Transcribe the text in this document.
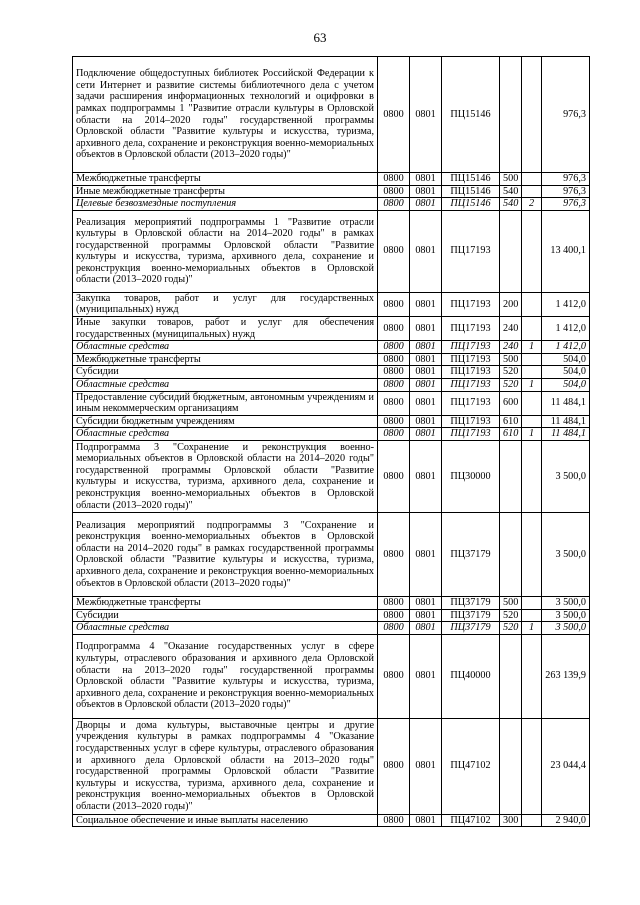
63
Подключение общедоступных библиотек Российской Федерации к сети Интернет и развитие системы библиотечного дела с учетом задачи расширения информационных технологий и оцифровки в рамках подпрограммы 1 "Развитие отрасли культуры в Орловской области на 2014–2020 годы" государственной программы Орловской области "Развитие культуры и искусства, туризма, архивного дела, сохранение и реконструкция военно-мемориальных объектов в Орловской области (2013–2020 годы)"	0800	0801	ПЦ15146			976,3
Межбюджетные трансферты	0800	0801	ПЦ15146	500		976,3
Иные межбюджетные трансферты	0800	0801	ПЦ15146	540		976,3
Целевые безвозмездные поступления	0800	0801	ПЦ15146	540	2	976,3
Реализация мероприятий подпрограммы 1 "Развитие отрасли культуры в Орловской области на 2014–2020 годы" в рамках государственной программы Орловской области "Развитие культуры и искусства, туризма, архивного дела, сохранение и реконструкция военно-мемориальных объектов в Орловской области (2013–2020 годы)"	0800	0801	ПЦ17193			13 400,1
Закупка товаров, работ и услуг для государственных (муниципальных) нужд	0800	0801	ПЦ17193	200		1 412,0
Иные закупки товаров, работ и услуг для обеспечения государственных (муниципальных) нужд	0800	0801	ПЦ17193	240		1 412,0
Областные средства	0800	0801	ПЦ17193	240	1	1 412,0
Межбюджетные трансферты	0800	0801	ПЦ17193	500		504,0
Субсидии	0800	0801	ПЦ17193	520		504,0
Областные средства	0800	0801	ПЦ17193	520	1	504,0
Предоставление субсидий бюджетным, автономным учреждениям и иным некоммерческим организациям	0800	0801	ПЦ17193	600		11 484,1
Субсидии бюджетным учреждениям	0800	0801	ПЦ17193	610		11 484,1
Областные средства	0800	0801	ПЦ17193	610	1	11 484,1
Подпрограмма 3 "Сохранение и реконструкция военно-мемориальных объектов в Орловской области на 2014–2020 годы" государственной программы Орловской области "Развитие культуры и искусства, туризма, архивного дела, сохранение и реконструкция военно-мемориальных объектов в Орловской области (2013–2020 годы)"	0800	0801	ПЦ30000			3 500,0
Реализация мероприятий подпрограммы 3 "Сохранение и реконструкция военно-мемориальных объектов в Орловской области на 2014–2020 годы" в рамках государственной программы Орловской области "Развитие культуры и искусства, туризма, архивного дела, сохранение и реконструкция военно-мемориальных объектов в Орловской области (2013–2020 годы)"	0800	0801	ПЦ37179			3 500,0
Межбюджетные трансферты	0800	0801	ПЦ37179	500		3 500,0
Субсидии	0800	0801	ПЦ37179	520		3 500,0
Областные средства	0800	0801	ПЦ37179	520	1	3 500,0
Подпрограмма 4 "Оказание государственных услуг в сфере культуры, отраслевого образования и архивного дела Орловской области на 2013–2020 годы" государственной программы Орловской области "Развитие культуры и искусства, туризма, архивного дела, сохранение и реконструкция военно-мемориальных объектов в Орловской области (2013–2020 годы)"	0800	0801	ПЦ40000			263 139,9
Дворцы и дома культуры, выставочные центры и другие учреждения культуры в рамках подпрограммы 4 "Оказание государственных услуг в сфере культуры, отраслевого образования и архивного дела Орловской области на 2013–2020 годы" государственной программы Орловской области "Развитие культуры и искусства, туризма, архивного дела, сохранение и реконструкция военно-мемориальных объектов в Орловской области (2013–2020 годы)"	0800	0801	ПЦ47102			23 044,4
Социальное обеспечение и иные выплаты населению	0800	0801	ПЦ47102	300		2 940,0
